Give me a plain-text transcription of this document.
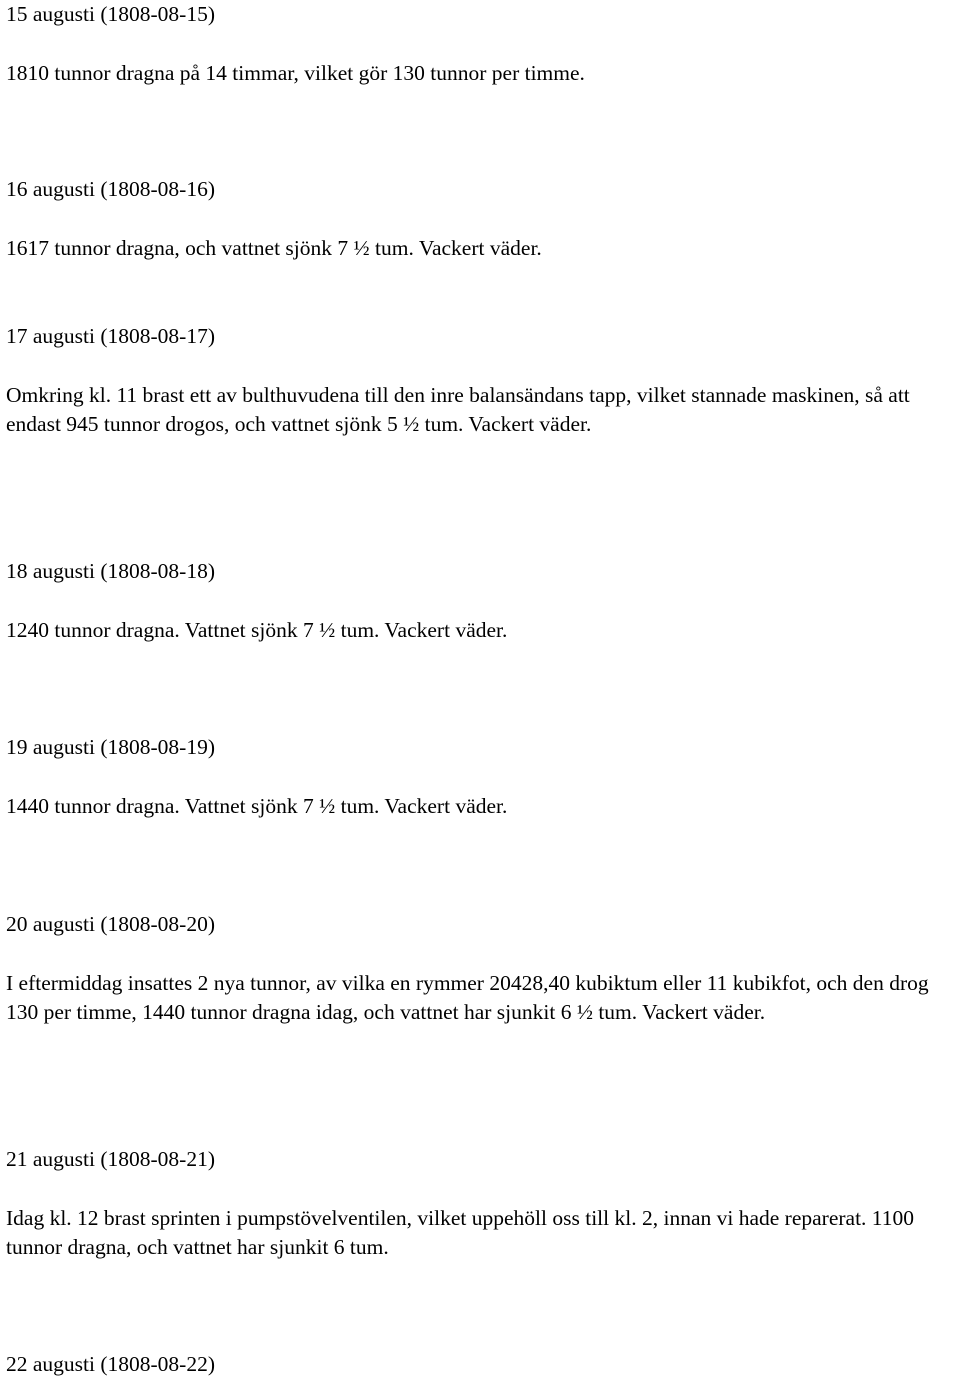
15 augusti (1808-08-15)
1810 tunnor dragna på 14 timmar, vilket gör 130 tunnor per timme.
16 augusti (1808-08-16)
1617 tunnor dragna, och vattnet sjönk 7 ½ tum. Vackert väder.
17 augusti (1808-08-17)
Omkring kl. 11 brast ett av bulthuvudena till den inre balansändans tapp, vilket stannade maskinen, så att endast 945 tunnor drogos, och vattnet sjönk 5 ½ tum. Vackert väder.
18 augusti (1808-08-18)
1240 tunnor dragna. Vattnet sjönk 7 ½ tum. Vackert väder.
19 augusti (1808-08-19)
1440 tunnor dragna. Vattnet sjönk 7 ½ tum. Vackert väder.
20 augusti (1808-08-20)
I eftermiddag insattes 2 nya tunnor, av vilka en rymmer 20428,40 kubiktum eller 11 kubikfot, och den drog 130 per timme, 1440 tunnor dragna idag, och vattnet har sjunkit 6 ½ tum. Vackert väder.
21 augusti (1808-08-21)
Idag kl. 12 brast sprinten i pumpstövelventilen, vilket uppehöll oss till kl. 2, innan vi hade reparerat. 1100 tunnor dragna, och vattnet har sjunkit 6 tum.
22 augusti (1808-08-22)
